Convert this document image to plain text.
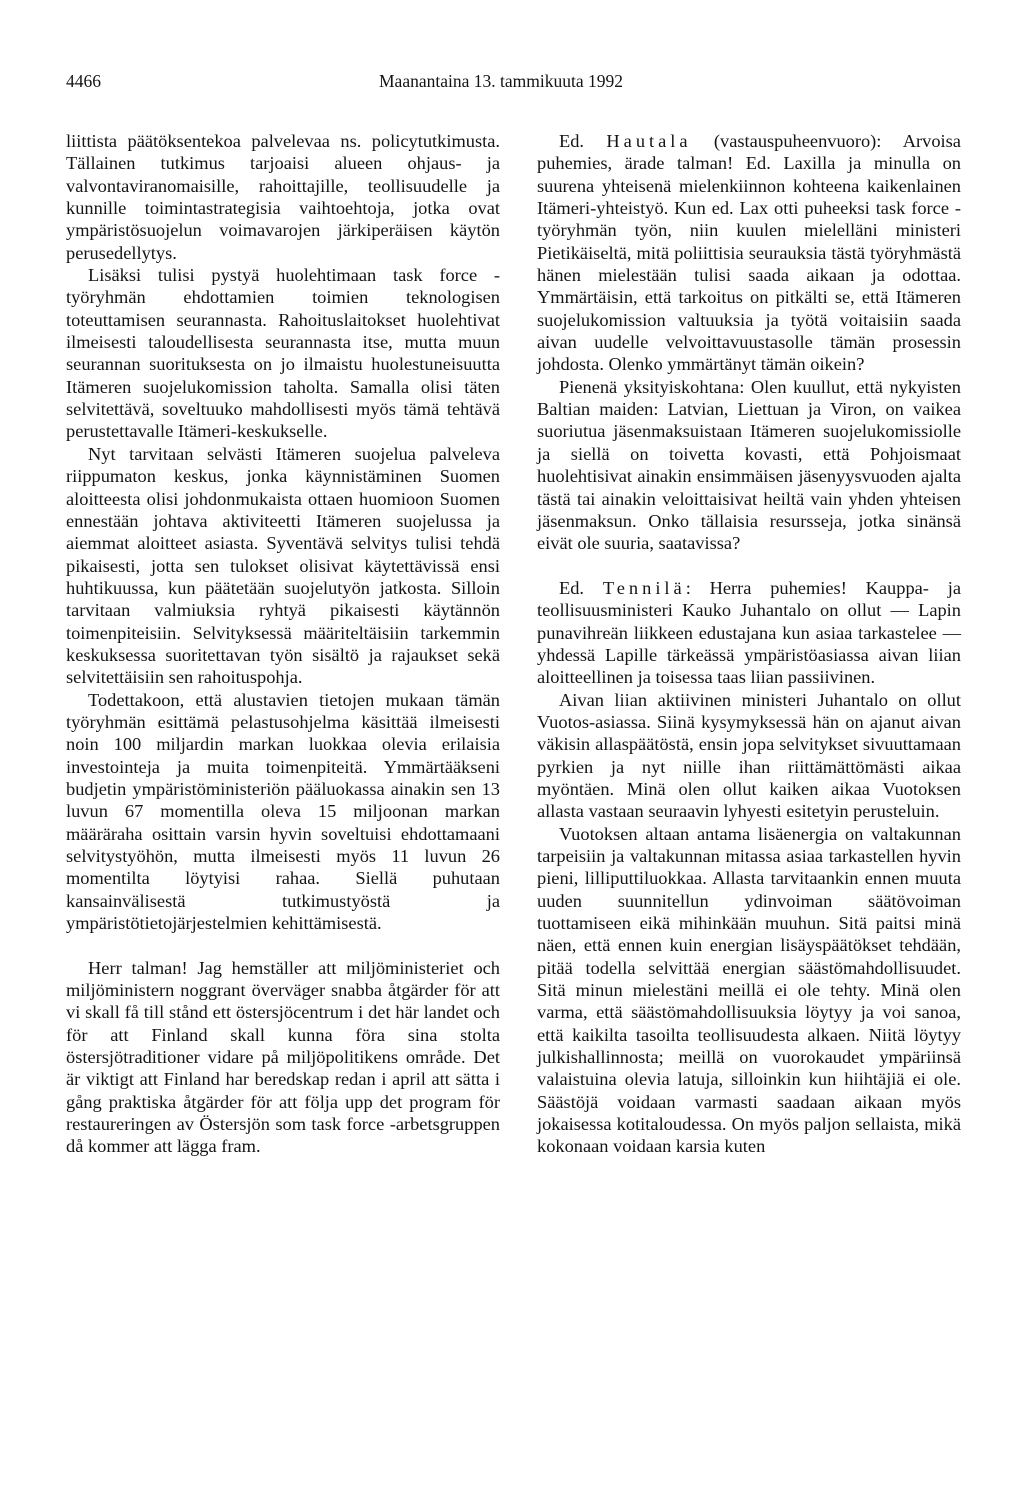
4466	Maanantaina 13. tammikuuta 1992

liittista päätöksentekoa palvelevaa ns. policytutkimusta. Tällainen tutkimus tarjoaisi alueen ohjaus- ja valvontaviranomaisille, rahoittajille, teollisuudelle ja kunnille toimintastrategisia vaihtoehtoja, jotka ovat ympäristösuojelun voimavarojen järkiperäisen käytön perusedellytys.

Lisäksi tulisi pystyä huolehtimaan task force -työryhmän ehdottamien toimien teknologisen toteuttamisen seurannasta. Rahoituslaitokset huolehtivat ilmeisesti taloudellisesta seurannasta itse, mutta muun seurannan suorituksesta on jo ilmaistu huolestuneisuutta Itämeren suojelukomission taholta. Samalla olisi täten selvitettävä, soveltuuko mahdollisesti myös tämä tehtävä perustettavalle Itämeri-keskukselle.

Nyt tarvitaan selvästi Itämeren suojelua palveleva riippumaton keskus, jonka käynnistäminen Suomen aloitteesta olisi johdonmukaista ottaen huomioon Suomen ennestään johtava aktiviteetti Itämeren suojelussa ja aiemmat aloitteet asiasta. Syventävä selvitys tulisi tehdä pikaisesti, jotta sen tulokset olisivat käytettävissä ensi huhtikuussa, kun päätetään suojelutyön jatkosta. Silloin tarvitaan valmiuksia ryhtyä pikaisesti käytännön toimenpiteisiin. Selvityksessä määriteltäisiin tarkemmin keskuksessa suoritettavan työn sisältö ja rajaukset sekä selvitettäisiin sen rahoituspohja.

Todettakoon, että alustavien tietojen mukaan tämän työryhmän esittämä pelastusohjelma käsittää ilmeisesti noin 100 miljardin markan luokkaa olevia erilaisia investointeja ja muita toimenpiteitä. Ymmärtääkseni budjetin ympäristöministeriön pääluokassa ainakin sen 13 luvun 67 momentilla oleva 15 miljoonan markan määräraha osittain varsin hyvin soveltuisi ehdottamaani selvitystyöhön, mutta ilmeisesti myös 11 luvun 26 momentilta löytyisi rahaa. Siellä puhutaan kansainvälisestä tutkimustyöstä ja ympäristötietojärjestelmien kehittämisestä.

Herr talman! Jag hemställer att miljöministeriet och miljöministern noggrant överväger snabba åtgärder för att vi skall få till stånd ett östersjöcentrum i det här landet och för att Finland skall kunna föra sina stolta östersjötraditioner vidare på miljöpolitikens område. Det är viktigt att Finland har beredskap redan i april att sätta i gång praktiska åtgärder för att följa upp det program för restaureringen av Östersjön som task force -arbetsgruppen då kommer att lägga fram.

Ed. Hautala (vastauspuheenvuoro): Arvoisa puhemies, ärade talman! Ed. Laxilla ja minulla on suurena yhteisenä mielenkiinnon kohteena kaikenlainen Itämeri-yhteistyö. Kun ed. Lax otti puheeksi task force -työryhmän työn, niin kuulen mielelläni ministeri Pietikäiseltä, mitä poliittisia seurauksia tästä työryhmästä hänen mielestään tulisi saada aikaan ja odottaa. Ymmärtäisin, että tarkoitus on pitkälti se, että Itämeren suojelukomission valtuuksia ja työtä voitaisiin saada aivan uudelle velvoittavuustasolle tämän prosessin johdosta. Olenko ymmärtänyt tämän oikein?

Pienenä yksityiskohtana: Olen kuullut, että nykyisten Baltian maiden: Latvian, Liettuan ja Viron, on vaikea suoriutua jäsenmaksuistaan Itämeren suojelukomissiolle ja siellä on toivetta kovasti, että Pohjoismaat huolehtisivat ainakin ensimmäisen jäsenyysvuoden ajalta tästä tai ainakin veloittaisivat heiltä vain yhden yhteisen jäsenmaksun. Onko tällaisia resursseja, jotka sinänsä eivät ole suuria, saatavissa?

Ed. Tennilä: Herra puhemies! Kauppa- ja teollisuusministeri Kauko Juhantalo on ollut — Lapin punavihreän liikkeen edustajana kun asiaa tarkastelee — yhdessä Lapille tärkeässä ympäristöasiassa aivan liian aloitteellinen ja toisessa taas liian passiivinen.

Aivan liian aktiivinen ministeri Juhantalo on ollut Vuotos-asiassa. Siinä kysymyksessä hän on ajanut aivan väkisin allaspäätöstä, ensin jopa selvitykset sivuuttamaan pyrkien ja nyt niille ihan riittämättömästi aikaa myöntäen. Minä olen ollut kaiken aikaa Vuotoksen allasta vastaan seuraavin lyhyesti esitetyin perusteluin.

Vuotoksen altaan antama lisäenergia on valtakunnan tarpeisiin ja valtakunnan mitassa asiaa tarkastellen hyvin pieni, lilliputtiluokkaa. Allasta tarvitaankin ennen muuta uuden suunnitellun ydinvoiman säätövoiman tuottamiseen eikä mihinkään muuhun. Sitä paitsi minä näen, että ennen kuin energian lisäyspäätökset tehdään, pitää todella selvittää energian säästömahdollisuudet. Sitä minun mielestäni meillä ei ole tehty. Minä olen varma, että säästömahdollisuuksia löytyy ja voi sanoa, että kaikilta tasoilta teollisuudesta alkaen. Niitä löytyy julkishallinnosta; meillä on vuorokaudet ympäriinsä valaistuina olevia latuja, silloinkin kun hiihtäjiä ei ole. Säästöjä voidaan varmasti saadaan aikaan myös jokaisessa kotitaloudessa. On myös paljon sellaista, mikä kokonaan voidaan karsia kuten
